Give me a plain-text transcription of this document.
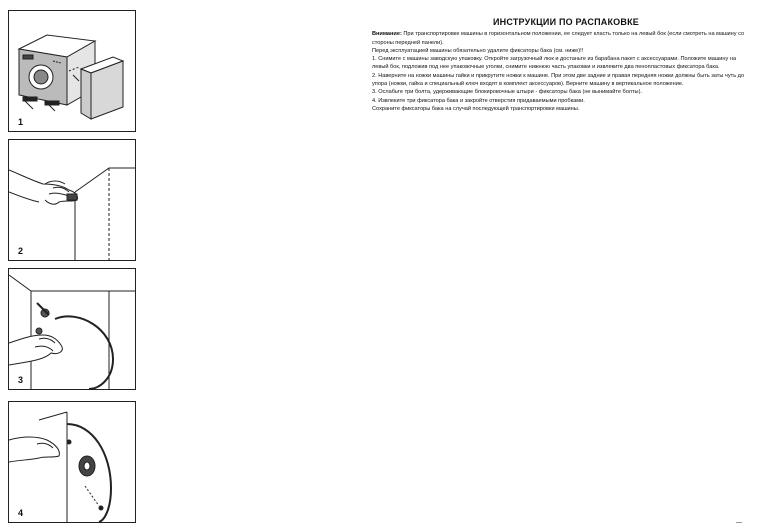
1
2
3
4
ИНСТРУКЦИИ ПО РАСПАКОВКЕ

Внимание: При транспортировке машины в горизонтальном положении, ее следует класть только на левый бок (если смотреть на машину со стороны передней панели).

Перед эксплуатацией машины обязательно удалите фиксаторы бака (см. ниже)!!

1. Снимите с машины заводскую упаковку. Откройте загрузочный люк и достаньте из барабана пакет с аксессуарами. Положите машину на левый бок, подложив под нее упаковочные уголки, снимите нижнюю часть упаковки и извлеките два пенопластовых фиксатора бака.

2. Наверните на ножки машины гайки и прикрутите ножки к машине. При этом две задние и правая передняя ножки должны быть заты чуть до упора (ножки, гайка и специальный ключ входят в комплект аксессуаров). Верните машину в вертикальное положение.

3. Ослабьте три болта, удерживающие блокировочные штыри - фиксаторы бака (не вынимайте болты).

4. Извлеките три фиксатора бака и закройте отверстия придаваемыми пробками.

Сохраните фиксаторы бака на случай последующей транспортировки машины.
